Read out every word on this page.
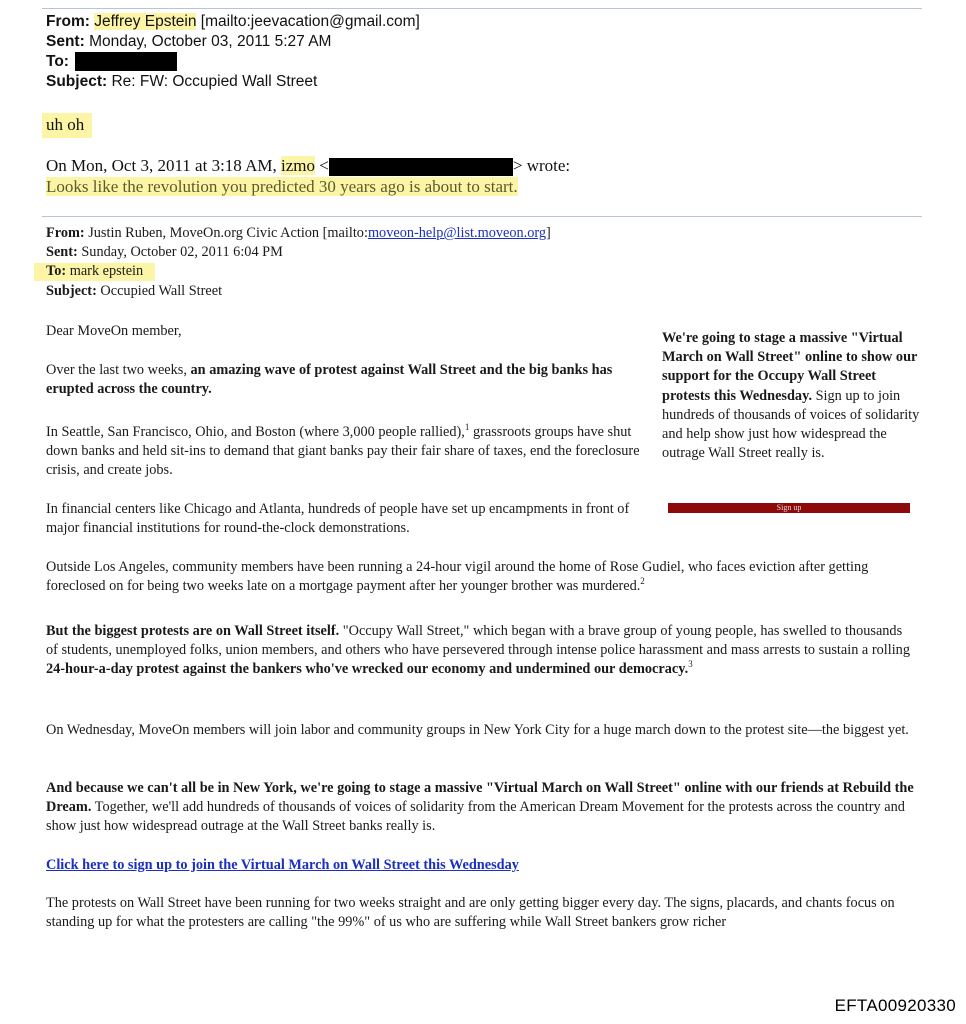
From: Jeffrey Epstein [mailto:jeevacation@gmail.com]
Sent: Monday, October 03, 2011 5:27 AM
To:
Subject: Re: FW: Occupied Wall Street
uh oh
On Mon, Oct 3, 2011 at 3:18 AM, izmo <	> wrote:
Looks like the revolution you predicted 30 years ago is about to start.
From: Justin Ruben, MoveOn.org Civic Action [mailto:moveon-help@list.moveon.org]
Sent: Sunday, October 02, 2011 6:04 PM
To: mark epstein
Subject: Occupied Wall Street
Dear MoveOn member,
Over the last two weeks, an amazing wave of protest against Wall Street and the big banks has erupted across the country.
In Seattle, San Francisco, Ohio, and Boston (where 3,000 people rallied),$^1$ grassroots groups have shut down banks and held sit-ins to demand that giant banks pay their fair share of taxes, end the foreclosure crisis, and create jobs.
In financial centers like Chicago and Atlanta, hundreds of people have set up encampments in front of major financial institutions for round-the-clock demonstrations.
We're going to stage a massive "Virtual March on Wall Street" online to show our support for the Occupy Wall Street protests this Wednesday. Sign up to join hundreds of thousands of voices of solidarity and help show just how widespread the outrage Wall Street really is.
Sign up
Outside Los Angeles, community members have been running a 24-hour vigil around the home of Rose Gudiel, who faces eviction after getting foreclosed on for being two weeks late on a mortgage payment after her younger brother was murdered.$^2$
But the biggest protests are on Wall Street itself. "Occupy Wall Street," which began with a brave group of young people, has swelled to thousands of students, unemployed folks, union members, and others who have persevered through intense police harassment and mass arrests to sustain a rolling 24-hour-a-day protest against the bankers who've wrecked our economy and undermined our democracy.$^3$
On Wednesday, MoveOn members will join labor and community groups in New York City for a huge march down to the protest site—the biggest yet.
And because we can't all be in New York, we're going to stage a massive "Virtual March on Wall Street" online with our friends at Rebuild the Dream. Together, we'll add hundreds of thousands of voices of solidarity from the American Dream Movement for the protests across the country and show just how widespread outrage at the Wall Street banks really is.
Click here to sign up to join the Virtual March on Wall Street this Wednesday
The protests on Wall Street have been running for two weeks straight and are only getting bigger every day. The signs, placards, and chants focus on standing up for what the protesters are calling "the 99%" of us who are suffering while Wall Street bankers grow richer
EFTA00920330
